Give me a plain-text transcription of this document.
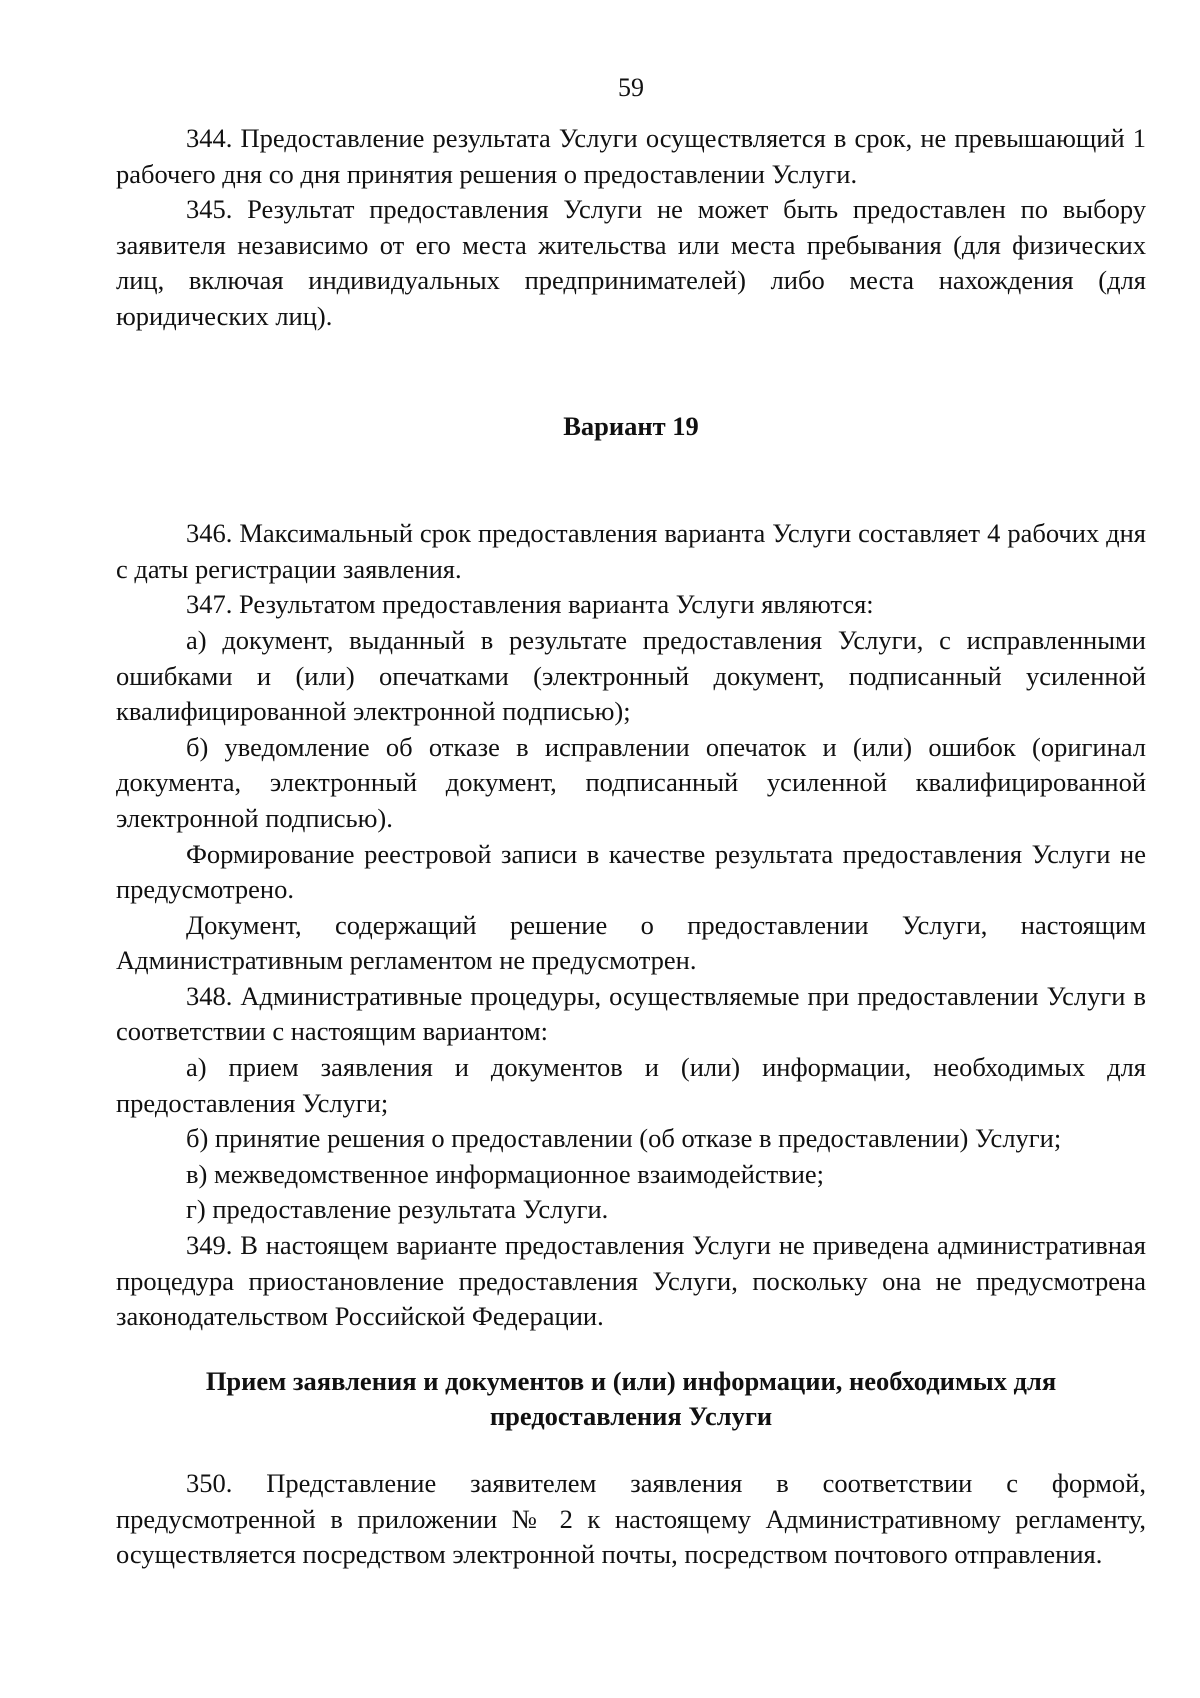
59

344. Предоставление результата Услуги осуществляется в срок, не превышающий 1 рабочего дня со дня принятия решения о предоставлении Услуги.

345. Результат предоставления Услуги не может быть предоставлен по выбору заявителя независимо от его места жительства или места пребывания (для физических лиц, включая индивидуальных предпринимателей) либо места нахождения (для юридических лиц).

Вариант 19

346. Максимальный срок предоставления варианта Услуги составляет 4 рабочих дня с даты регистрации заявления.

347. Результатом предоставления варианта Услуги являются:

а) документ, выданный в результате предоставления Услуги, с исправленными ошибками и (или) опечатками (электронный документ, подписанный усиленной квалифицированной электронной подписью);

б) уведомление об отказе в исправлении опечаток и (или) ошибок (оригинал документа, электронный документ, подписанный усиленной квалифицированной электронной подписью).

Формирование реестровой записи в качестве результата предоставления Услуги не предусмотрено.

Документ, содержащий решение о предоставлении Услуги, настоящим Административным регламентом не предусмотрен.

348. Административные процедуры, осуществляемые при предоставлении Услуги в соответствии с настоящим вариантом:

а) прием заявления и документов и (или) информации, необходимых для предоставления Услуги;

б) принятие решения о предоставлении (об отказе в предоставлении) Услуги;

в) межведомственное информационное взаимодействие;

г) предоставление результата Услуги.

349. В настоящем варианте предоставления Услуги не приведена административная процедура приостановление предоставления Услуги, поскольку она не предусмотрена законодательством Российской Федерации.

Прием заявления и документов и (или) информации, необходимых для
предоставления Услуги

350. Представление заявителем заявления в соответствии с формой, предусмотренной в приложении № 2 к настоящему Административному регламенту, осуществляется посредством электронной почты, посредством почтового отправления.
